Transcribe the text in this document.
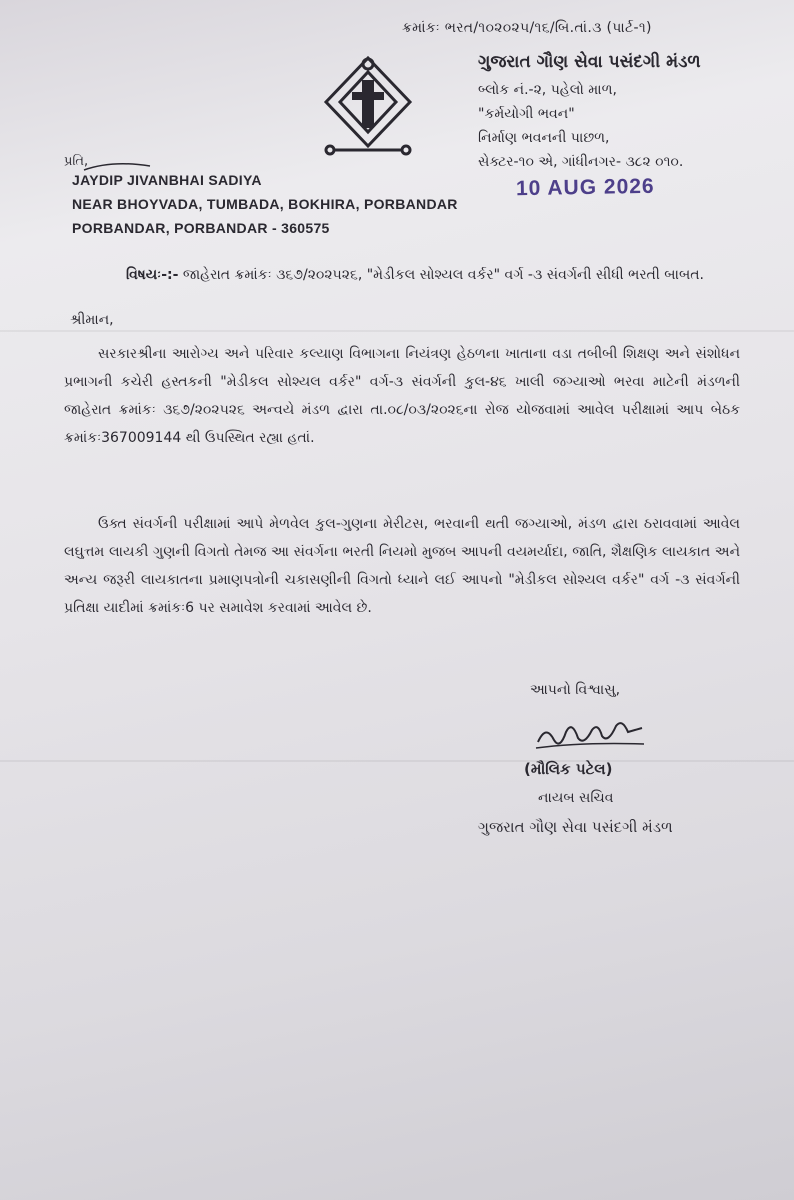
ક્રમાંકઃ ભરત/૧૦૨૦૨૫/૧૬/બિ.તાં.૩ (પાર્ટ-૧)
ગુજરાત ગૌણ સેવા પસંદગી મંડળ
બ્લોક નં.-૨, પહેલો માળ,
"કર્મયોગી ભવન"
નિર્માણ ભવનની પાછળ,
સેક્ટર-૧૦ એ, ગાંધીનગર- ૩૮૨ ૦૧૦.
પ્રતિ,
JAYDIP JIVANBHAI SADIYA
NEAR BHOYVADA, TUMBADA, BOKHIRA, PORBANDAR
PORBANDAR, PORBANDAR - 360575
10 AUG 2026
વિષયઃ-:- જાહેરાત ક્રમાંકઃ ૩૬૭/૨૦૨૫૨૬, "મેડીકલ સોશ્યલ વર્કર" વર્ગ -૩ સંવર્ગની સીધી ભરતી બાબત.
શ્રીમાન,
સરકારશ્રીના આરોગ્ય અને પરિવાર કલ્યાણ વિભાગના નિયંત્રણ હેઠળના ખાતાના વડા તબીબી શિક્ષણ અને સંશોધન પ્રભાગની કચેરી હસ્તકની "મેડીકલ સોશ્યલ વર્કર" વર્ગ-૩ સંવર્ગની કુલ-૪૬ ખાલી જગ્યાઓ ભરવા માટેની મંડળની જાહેરાત ક્રમાંકઃ ૩૬૭/૨૦૨૫૨૬ અન્વયે મંડળ દ્વારા તા.૦૮/૦૩/૨૦૨૬ના રોજ યોજવામાં આવેલ પરીક્ષામાં આપ બેઠક ક્રમાંકઃ367009144 થી ઉપસ્થિત રહ્યા હતાં.
ઉક્ત સંવર્ગની પરીક્ષામાં આપે મેળવેલ કુલ-ગુણના મેરીટસ, ભરવાની થતી જગ્યાઓ, મંડળ દ્વારા ઠરાવવામાં આવેલ લઘુત્તમ લાયકી ગુણની વિગતો તેમજ આ સંવર્ગના ભરતી નિયમો મુજબ આપની વયમર્યાદા, જાતિ, શૈક્ષણિક લાયકાત અને અન્ય જરૂરી લાયકાતના પ્રમાણપત્રોની ચકાસણીની વિગતો ધ્યાને લઈ આપનો "મેડીકલ સોશ્યલ વર્કર" વર્ગ -૩ સંવર્ગની પ્રતિક્ષા યાદીમાં ક્રમાંકઃ6 પર સમાવેશ કરવામાં આવેલ છે.
આપનો વિશ્વાસુ,
(મૌલિક પટેલ)
નાયબ સચિવ
ગુજરાત ગૌણ સેવા પસંદગી મંડળ
